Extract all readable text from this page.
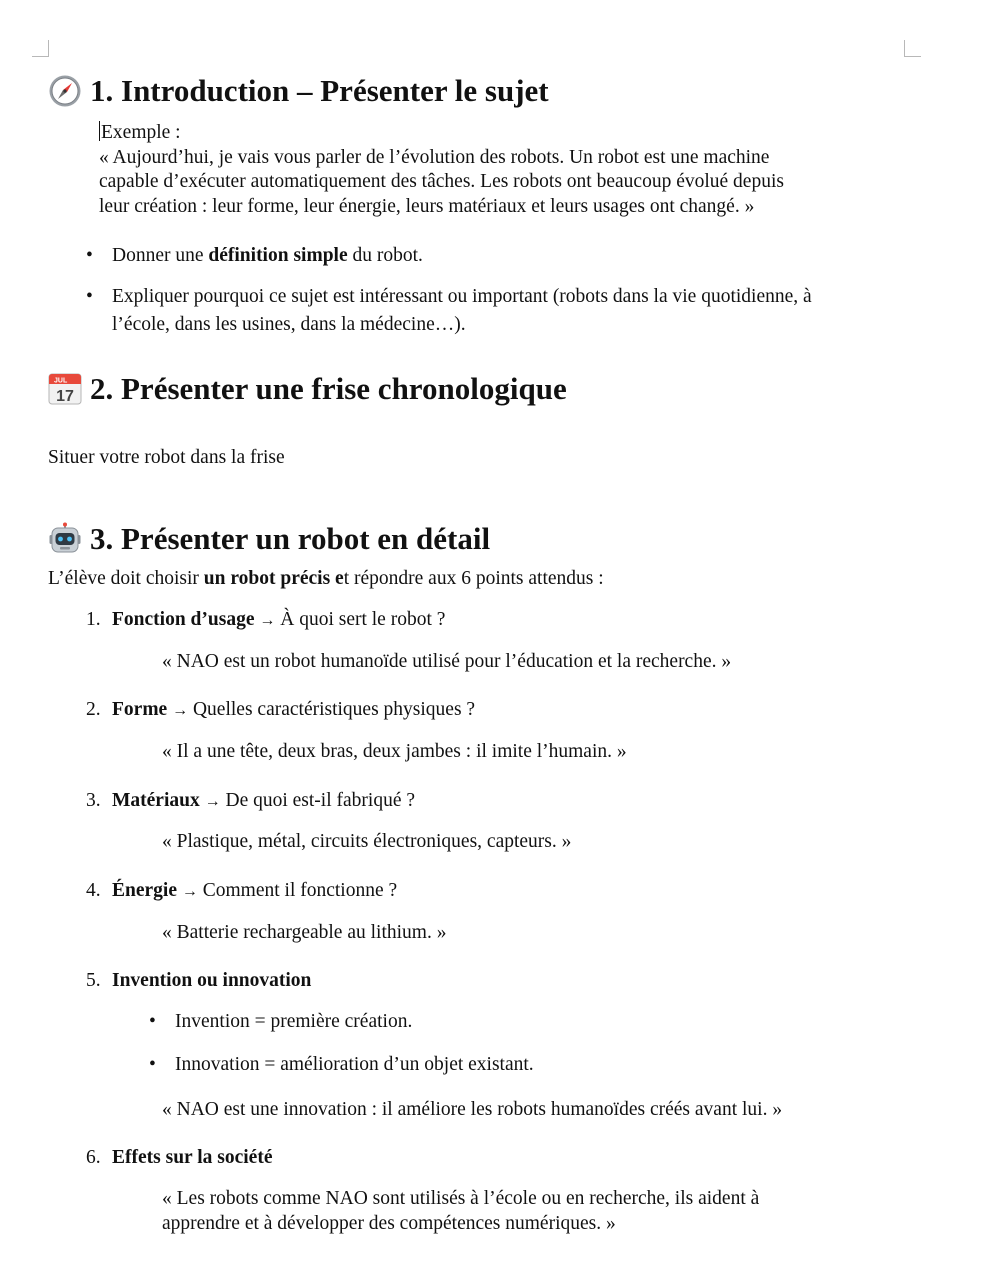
1. Introduction – Présenter le sujet
Exemple :
« Aujourd’hui, je vais vous parler de l’évolution des robots. Un robot est une machine
capable d’exécuter automatiquement des tâches. Les robots ont beaucoup évolué depuis
leur création : leur forme, leur énergie, leurs matériaux et leurs usages ont changé. »
• Donner une définition simple du robot.
• Expliquer pourquoi ce sujet est intéressant ou important (robots dans la vie quotidienne, à
l’école, dans les usines, dans la médecine…).
JUL
17 2. Présenter une frise chronologique
Situer votre robot dans la frise
3. Présenter un robot en détail
L’élève doit choisir un robot précis et répondre aux 6 points attendus :
1. Fonction d’usage → À quoi sert le robot ?
« NAO est un robot humanoïde utilisé pour l’éducation et la recherche. »
2. Forme → Quelles caractéristiques physiques ?
« Il a une tête, deux bras, deux jambes : il imite l’humain. »
3. Matériaux → De quoi est-il fabriqué ?
« Plastique, métal, circuits électroniques, capteurs. »
4. Énergie → Comment il fonctionne ?
« Batterie rechargeable au lithium. »
5. Invention ou innovation
• Invention = première création.
• Innovation = amélioration d’un objet existant.
« NAO est une innovation : il améliore les robots humanoïdes créés avant lui. »
6. Effets sur la société
« Les robots comme NAO sont utilisés à l’école ou en recherche, ils aident à
apprendre et à développer des compétences numériques. »
